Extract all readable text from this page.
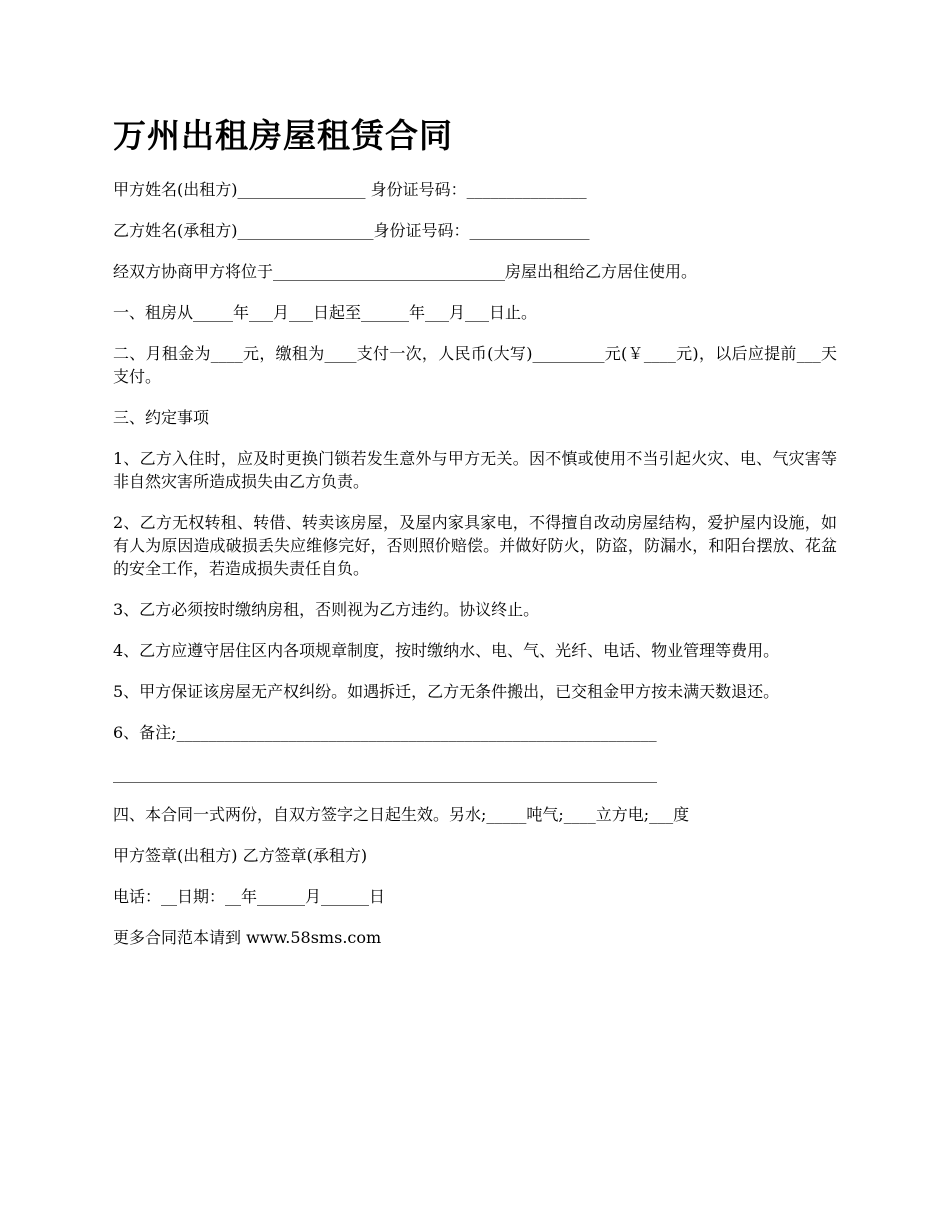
万州出租房屋租赁合同

甲方姓名(出租方)________________ 身份证号码：_______________

乙方姓名(承租方)_________________身份证号码：_______________

经双方协商甲方将位于_____________________________房屋出租给乙方居住使用。

一、租房从_____年___月___日起至______年___月___日止。

二、月租金为____元，缴租为____支付一次，人民币(大写)_________元(￥____元)，以后应提前___天支付。

三、约定事项

1、乙方入住时，应及时更换门锁若发生意外与甲方无关。因不慎或使用不当引起火灾、电、气灾害等非自然灾害所造成损失由乙方负责。

2、乙方无权转租、转借、转卖该房屋，及屋内家具家电，不得擅自改动房屋结构，爱护屋内设施，如有人为原因造成破损丢失应维修完好，否则照价赔偿。并做好防火，防盗，防漏水，和阳台摆放、花盆的安全工作，若造成损失责任自负。

3、乙方必须按时缴纳房租，否则视为乙方违约。协议终止。

4、乙方应遵守居住区内各项规章制度，按时缴纳水、电、气、光纤、电话、物业管理等费用。

5、甲方保证该房屋无产权纠纷。如遇拆迁，乙方无条件搬出，已交租金甲方按未满天数退还。

6、备注;____________________________________________________________

____________________________________________________________________

四、本合同一式两份，自双方签字之日起生效。另水;_____吨气;____立方电;___度

甲方签章(出租方) 乙方签章(承租方)

电话：__日期：__年______月______日

更多合同范本请到 www.58sms.com
